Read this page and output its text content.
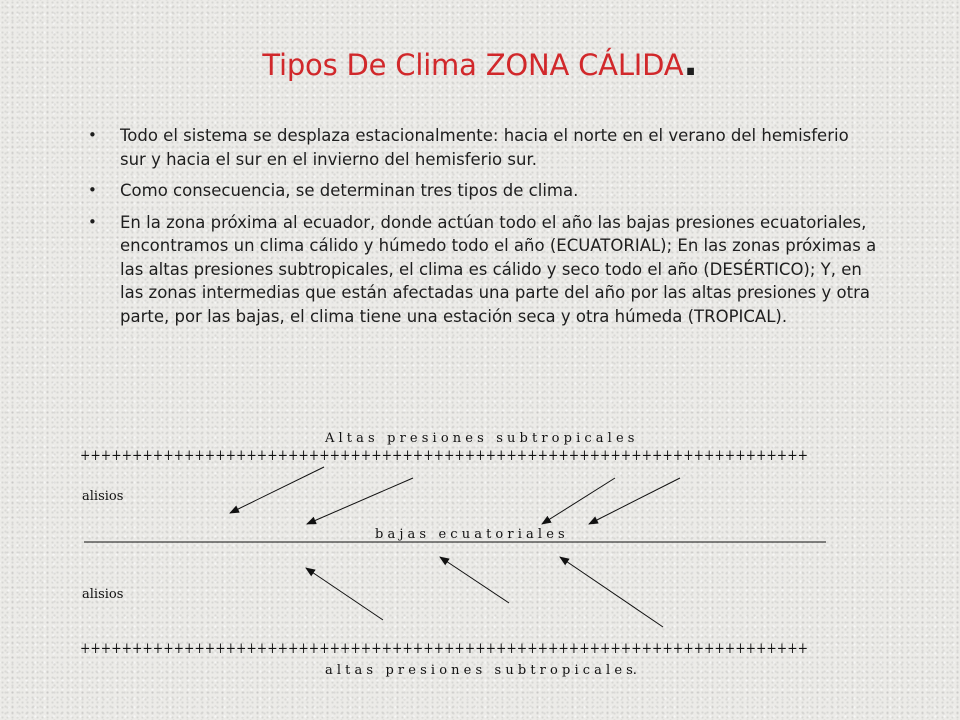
Tipos De Clima ZONA CÁLIDA.
• Todo el sistema se desplaza estacionalmente: hacia el norte en el verano del hemisferio sur y hacia el sur en el invierno del hemisferio sur.
• Como consecuencia, se determinan tres tipos de clima.
• En la zona próxima al ecuador, donde actúan todo el año las bajas presiones ecuatoriales, encontramos un clima cálido y húmedo todo el año (ECUATORIAL); En las zonas próximas a las altas presiones subtropicales, el clima es cálido y seco todo el año (DESÉRTICO); Y, en las zonas intermedias que están afectadas una parte del año por las altas presiones y otra parte, por las bajas, el clima tiene una estación seca y otra húmeda (TROPICAL).
A l t a s   p r e s i o n e s   s u b t r o p i c a l e s
++++++++++++++++++++++++++++++++++++++++++++++++++++++++++++++++++++++
alisios
b a j a s   e c u a t o r i a l e s
alisios
++++++++++++++++++++++++++++++++++++++++++++++++++++++++++++++++++++++
a l t a s   p r e s i o n e s   s u b t r o p i c a l e s.
